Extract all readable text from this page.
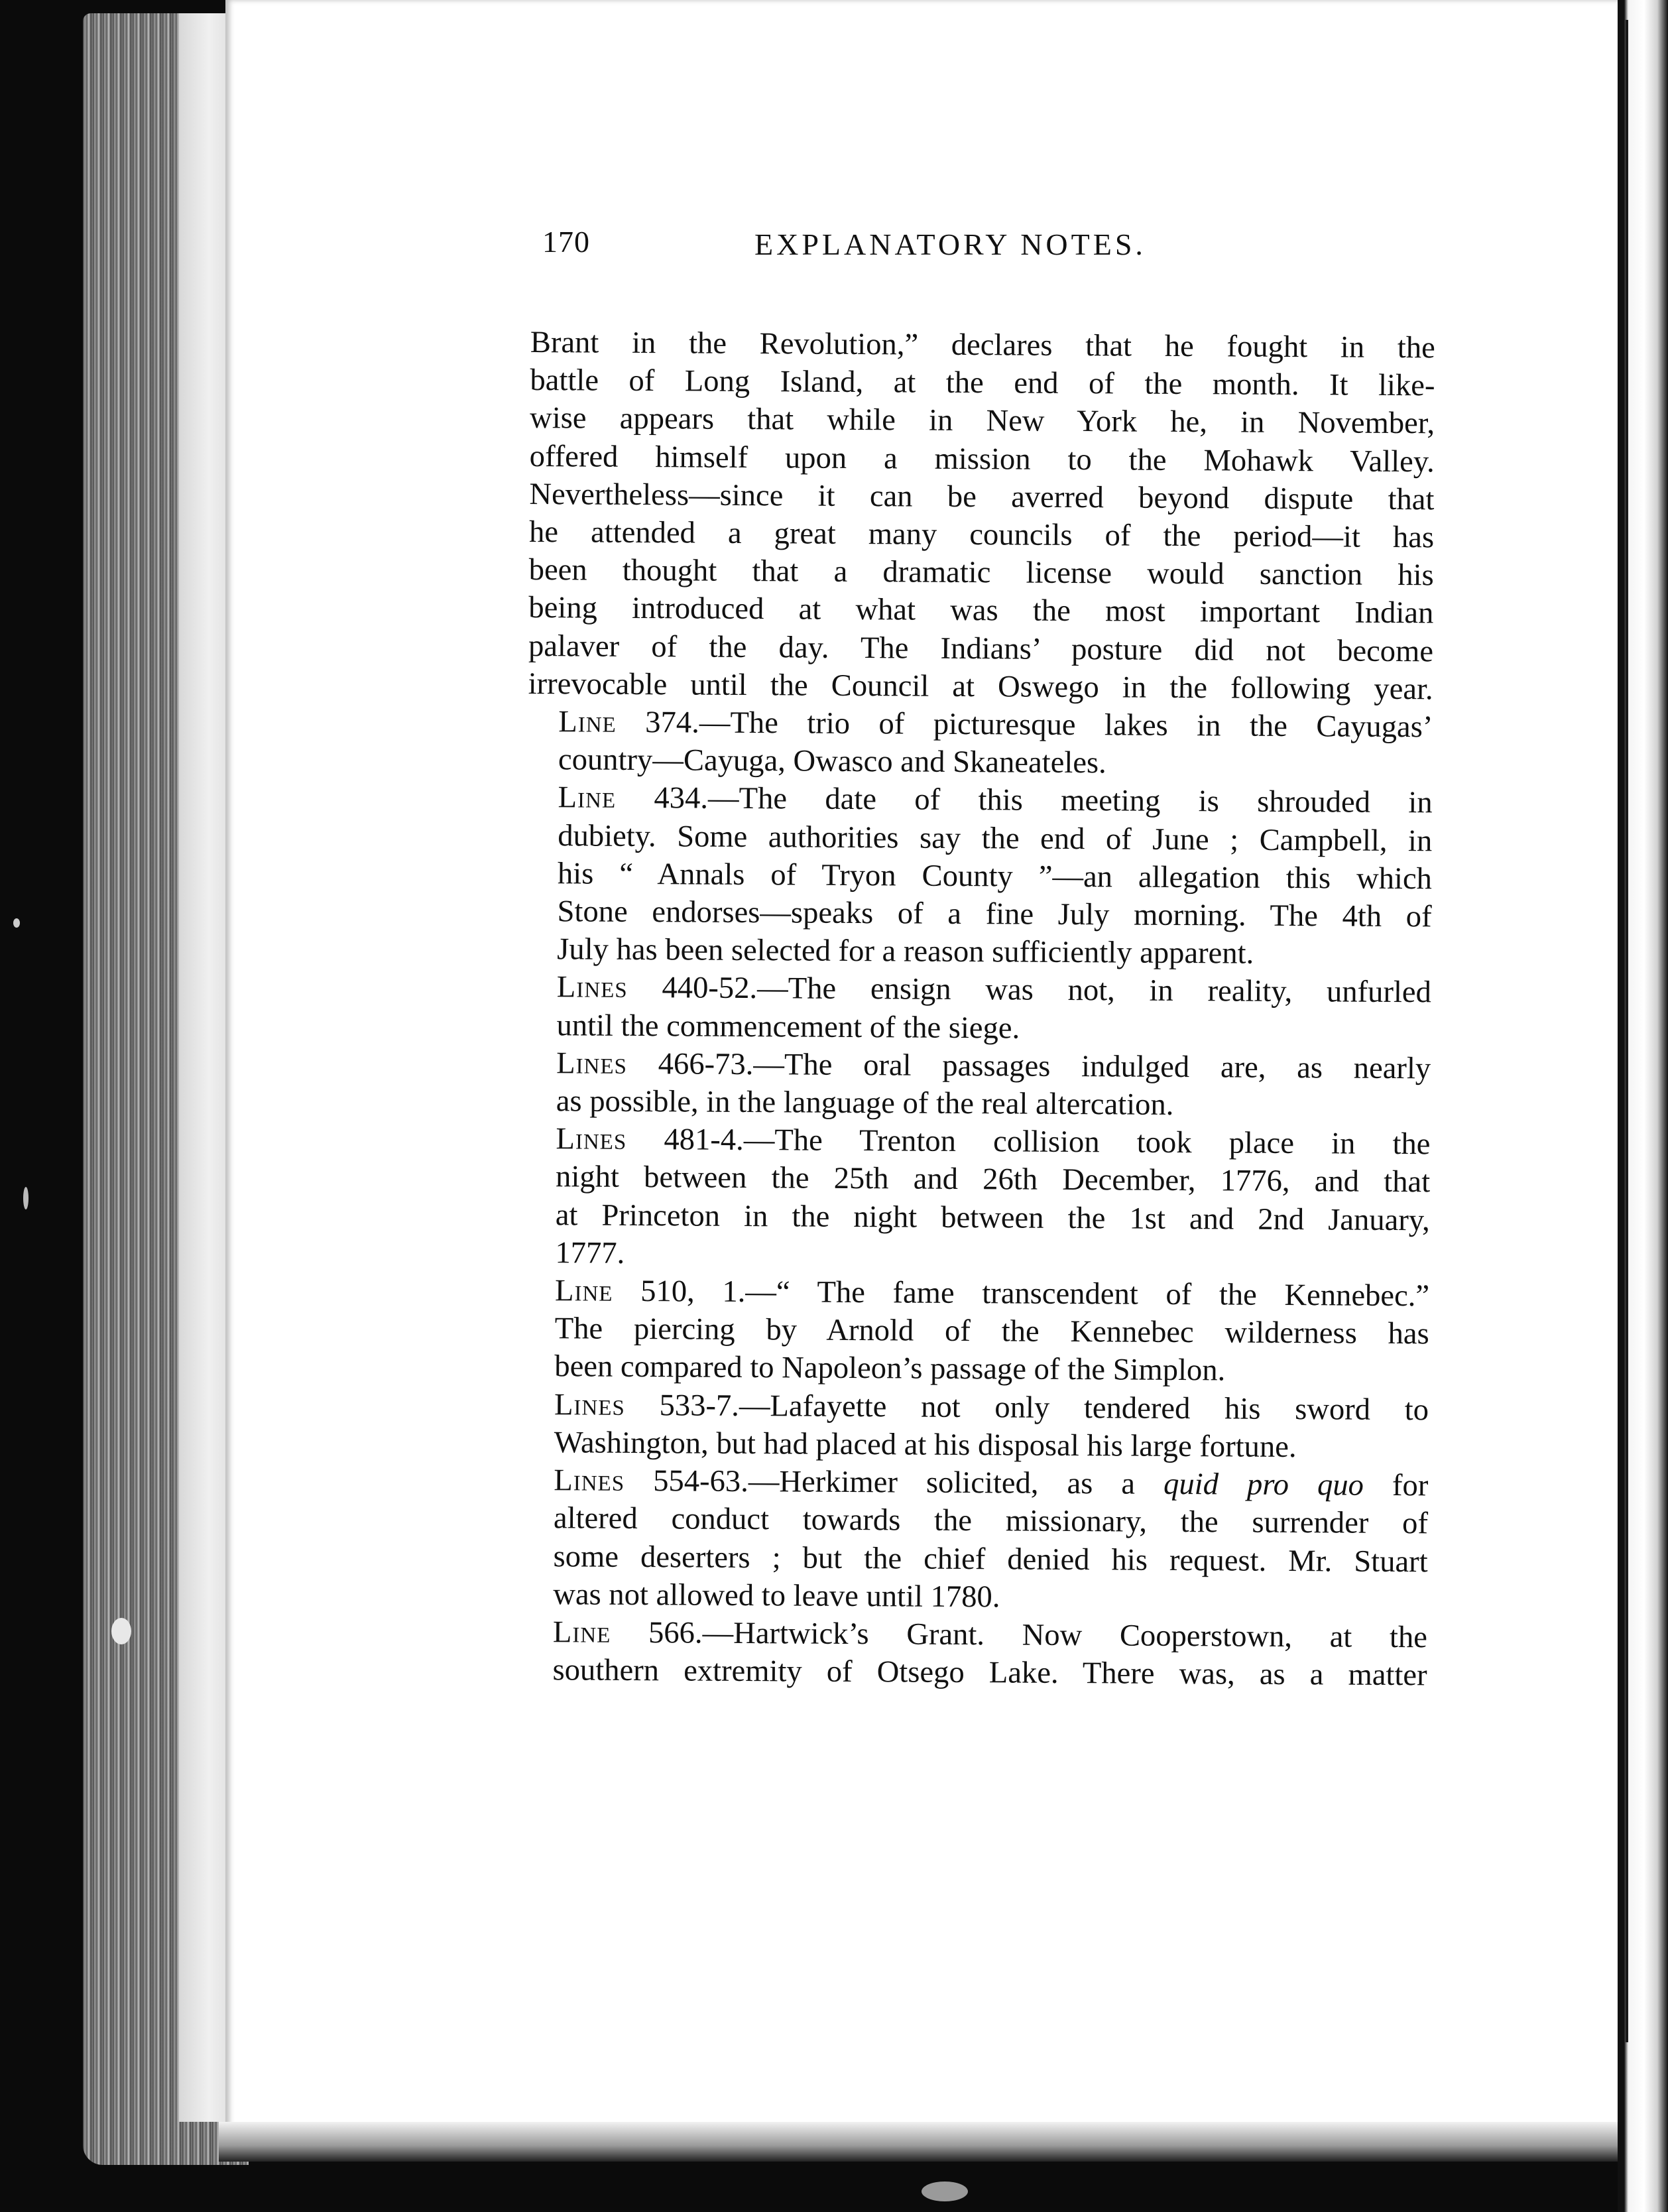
170	EXPLANATORY NOTES.
Brant in the Revolution,” declares that he fought in the
battle of Long Island, at the end of the month. It like-
wise appears that while in New York he, in November,
offered himself upon a mission to the Mohawk Valley.
Nevertheless—since it can be averred beyond dispute that
he attended a great many councils of the period—it has
been thought that a dramatic license would sanction his
being introduced at what was the most important Indian
palaver of the day. The Indians’ posture did not become
irrevocable until the Council at Oswego in the following year.
Line 374.—The trio of picturesque lakes in the Cayugas’
country—Cayuga, Owasco and Skaneateles.
Line 434.—The date of this meeting is shrouded in
dubiety. Some authorities say the end of June ; Campbell, in
his “ Annals of Tryon County ”—an allegation this which
Stone endorses—speaks of a fine July morning. The 4th of
July has been selected for a reason sufficiently apparent.
Lines 440-52.—The ensign was not, in reality, unfurled
until the commencement of the siege.
Lines 466-73.—The oral passages indulged are, as nearly
as possible, in the language of the real altercation.
Lines 481-4.—The Trenton collision took place in the
night between the 25th and 26th December, 1776, and that
at Princeton in the night between the 1st and 2nd January,
1777.
Line 510, 1.—“ The fame transcendent of the Kennebec.”
The piercing by Arnold of the Kennebec wilderness has
been compared to Napoleon’s passage of the Simplon.
Lines 533-7.—Lafayette not only tendered his sword to
Washington, but had placed at his disposal his large fortune.
Lines 554-63.—Herkimer solicited, as a quid pro quo for
altered conduct towards the missionary, the surrender of
some deserters ; but the chief denied his request. Mr. Stuart
was not allowed to leave until 1780.
Line 566.—Hartwick’s Grant. Now Cooperstown, at the
southern extremity of Otsego Lake. There was, as a matter
